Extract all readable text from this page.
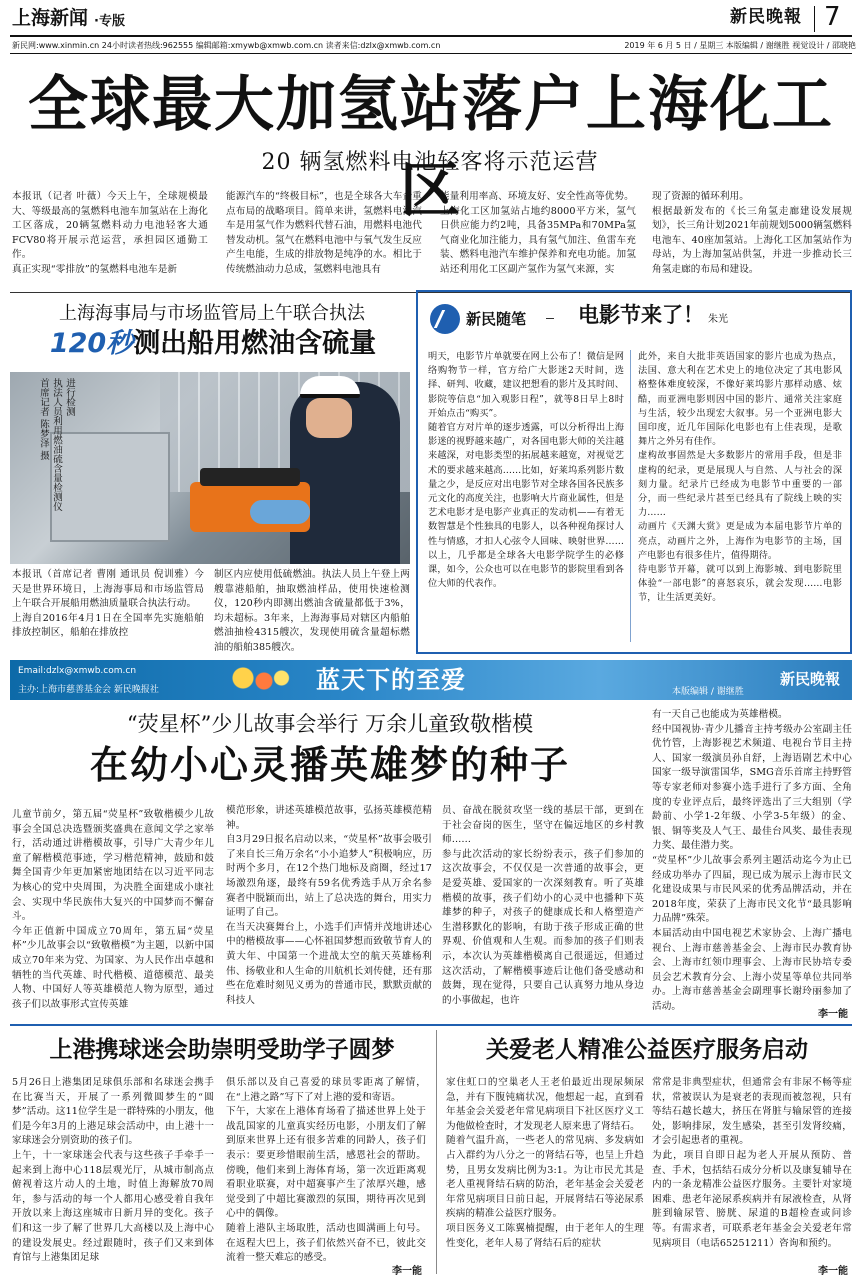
上海新闻 ·专版	新民晚報 7
新民网:www.xinmin.cn 24小时读者热线:962555 编辑邮箱:xmywb@xmwb.com.cn 读者来信:dzlx@xmwb.com.cn	2019 年 6 月 5 日 / 星期三 本版编辑 / 谢继胜 视觉设计 / 邵晓艳
全球最大加氢站落户上海化工区
20 辆氢燃料电池轻客将示范运营
本报讯（记者 叶薇）今天上午，全球规模最大、等级最高的氢燃料电池车加氢站在上海化工区落成，20辆氢燃料动力电池轻客大通FCV80将开展示范运营，承担园区通勤工作。
真正实现“零排放”的氢燃料电池车是新
能源汽车的“终极目标”，也是全球各大车企重点布局的战略项目。简单来讲，氢燃料电池汽车是用氢气作为燃料代替石油，用燃料电池代替发动机。氢气在燃料电池中与氧气发生反应产生电能，生成的排放物是纯净的水。相比于传统燃油动力总成，氢燃料电池具有
能量利用率高、环境友好、安全性高等优势。
上海化工区加氢站占地约8000平方米，氢气日供应能力约2吨，具备35MPa和70MPa氢气商业化加注能力，具有氢气加注、鱼雷车充装、燃料电池汽车维护保养和充电功能。加氢站还利用化工区副产氢作为氢气来源，实
现了资源的循环利用。
根据最新发布的《长三角氢走廊建设发展规划》，长三角计划2021年前规划5000辆氢燃料电池车、40座加氢站。上海化工区加氢站作为母站，为上海加氢站供氢，并进一步推动长三角氢走廊的布局和建设。
上海海事局与市场监管局上午联合执法
120秒测出船用燃油含硫量
进行检测
执法人员利用燃油硫含量检测仪
首席记者 陈梦泽 摄
本报讯（首席记者 曹刚 通讯员 倪训雅）今天是世界环境日，上海海事局和市场监管局上午联合开展船用燃油质量联合执法行动。
上海自2016年4月1日在全国率先实施船舶排放控制区，船舶在排放控
制区内应使用低硫燃油。执法人员上午登上两艘靠港船舶，抽取燃油样品，使用快速检测仪，120秒内即测出燃油含硫量都低于3%，均未超标。3年来，上海海事局对辖区内船舶燃油抽检4315艘次，发现使用硫含量超标燃油的船舶385艘次。
新民随笔 电影节来了！ 朱光
明天，电影节片单就要在网上公布了！微信是网络购物节一样，官方给广大影迷2天时间，选择、研判、收藏，建议把想看的影片及其时间、影院等信息“加入观影日程”，就等8日早上8时开始点击“购买”。
随着官方对片单的逐步透露，可以分析得出上海影迷的视野越来越广，对各国电影大师的关注越来越深，对电影类型的拓展越来越宽，对视觉艺术的要求越来越高……比如，好莱坞系列影片数量之少，是反应对出电影节对全球各国各民族多元文化的高度关注，也影响大片商业属性，但是艺术电影才是电影产业真正的发动机——有着无数智慧是个性独具的电影人，以各种视角探讨人性与情感，才扣人心弦令人回味、映射世界……以上，几乎都是全球各大电影学院学生的必修课，如今，公众也可以在电影节的影院里看到各位大师的代表作。
此外，来自大批非英语国家的影片也成为热点，法国、意大利在艺术史上的地位决定了其电影风格整体难度较深，不像好莱坞影片那样动感、炫酷，而亚洲电影则因中国的影片、通常关注家庭与生活，较少出现宏大叙事。另一个亚洲电影大国印度，近几年国际化电影也有上佳表现，是歌舞片之外另有佳作。
虚构故事固然是大多数影片的常用手段，但是非虚构的纪录，更是展现人与自然、人与社会的深刻力量。纪录片已经成为电影节中重要的一部分，而一些纪录片甚至已经具有了院线上映的实力……
动画片《天渊大赏》更是成为本届电影节片单的亮点，动画片之外，上海作为电影节的主场，国产电影也有很多佳片，值得期待。
待电影节开幕，就可以到上海影城、到电影院里体验“一部电影”的喜怒哀乐，就会发现……电影节，让生活更美好。
Email:dzlx@xmwb.com.cn
主办:上海市慈善基金会 新民晚报社	蓝天下的至爱	本版编辑 / 谢继胜
新民晚報
“荧星杯”少儿故事会举行 万余儿童致敬楷模
在幼小心灵播英雄梦的种子
儿童节前夕，第五届“荧星杯”致敬楷模少儿故事会全国总决选暨颁奖盛典在意闻文学之家举行，活动通过讲楷模故事，引导广大青少年儿童了解楷模范事迹，学习楷范精神，鼓励和鼓舞全国青少年更加紧密地团结在以习近平同志为核心的党中央周围，为决胜全面建成小康社会、实现中华民族伟大复兴的中国梦而不懈奋斗。
今年正值新中国成立70周年，第五届“荧星杯”少儿故事会以“致敬楷模”为主题，以新中国成立70年来为党、为国家、为人民作出卓越和牺牲的当代英雄、时代楷模、道德模范、最美人物、中国好人等英雄模范人物为原型，通过孩子们以故事形式宣传英雄
模范形象，讲述英雄模范故事，弘扬英雄模范精神。
自3月29日报名启动以来，“荧星杯”故事会吸引了来自长三角万余名“小小追梦人”积极响应，历时两个多月，在12个热门地标及商圈，经过17场激烈角逐，最终有59名优秀选手从万余名参赛者中脱颖而出，站上了总决选的舞台，用实力证明了自己。
在当天决赛舞台上，小选手们声情并茂地讲述心中的楷模故事——心怀祖国梦想而致敬节育人的黄大年、中国第一个进战太空的航天英雄杨利伟、扬敬业和人生命的川航机长刘传健，还有那些在危难时刻见义勇为的普通市民，默默贡献的科技人
员、奋战在脱贫攻坚一线的基层干部，更到在于社会奋岗的医生，坚守在偏远地区的乡村教师……
参与此次活动的家长纷纷表示，孩子们参加的这次故事会，不仅仅是一次普通的故事会，更是爱英雄、爱国家的一次深刻教育。听了英雄楷模的故事，孩子们幼小的心灵中也播种下英雄梦的种子，对孩子的健康成长和人格塑造产生潜移默化的影响，有助于孩子形成正确的世界观、价值观和人生观。而参加的孩子们则表示，本次认为英雄楷模离自己很遥远，但通过这次活动，了解楷模事迹后让他们备受感动和鼓舞，现在觉得，只要自己认真努力地从身边的小事做起，也许
有一天自己也能成为英雄楷模。
经中国视协·青少儿播音主持考级办公室副主任优竹管，上海影视艺术频道、电视台节目主持人、国家一级演员孙自舒，上海语剧艺术中心国家一级导演雷国华，SMG音乐首席主持野管等专家老师对参赛小选手进行了多方面、全角度的专业评点后，最终评选出了三大组别（学龄前、小学1-2年级、小学3-5年级）的金、银、铜等奖及人气王、最佳台风奖、最佳表现力奖、最佳潜力奖。
“荧星杯”少儿故事会系列主题活动迄今为止已经成功举办了四届，现已成为展示上海市民文化建设成果与市民风采的优秀品牌活动，并在2018年度，荣获了上海市民文化节“最具影响力品牌”殊荣。
本届活动由中国电视艺术家协会、上海广播电视台、上海市慈善基金会、上海市民办教育协会、上海市红领巾理事会、上海市民协培专委员会艺术教育分会、上海小荧星等单位共同举办。上海市慈善基金会副理事长谢玲丽参加了活动。
李一能
上港携球迷会助崇明受助学子圆梦
5月26日上港集团足球俱乐部和名球迷会携手在比赛当天，开展了一系列微圆梦生的“圆梦”活动。这11位学生是一群特殊的小朋友，他们是今年3月的上港足球会活动中，由上港十一家球迷会分别资助的孩子们。
上午，十一家球迷会代表与这些孩子手牵手一起来到上海中心118层观光厅，从城市制高点俯视着这片动人的土地，时值上海解放70周年，参与活动的每一个人都用心感受着自我年开放以来上海这座城市日新月异的变化。孩子们和这一步了解了世界几大高楼以及上海中心的建设发展史。经过跟随时，孩子们又来到体育馆与上港集团足球
俱乐部以及自己喜爱的球员零距离了解情，在“上港之路”写下了对上港的爱和寄语。
下午，大家在上港体育场看了描述世界上处于战乱国家的儿童真实经历电影，小朋友们了解到原来世界上还有很多苦难的同龄人，孩子们表示：要更珍惜眼前生活，感恩社会的帮助。傍晚，他们来到上海体育场，第一次近距离观看职业联赛，对中超赛事产生了浓厚兴趣，感觉受到了中超比赛激烈的氛围，期待再次见到心中的偶像。
随着上港队主场取胜，活动也圆满画上句号。在返程大巴上，孩子们依然兴奋不已，彼此交流着一整天难忘的感受。
李一能
关爱老人精准公益医疗服务启动
家住虹口的空巢老人王老伯最近出现尿频尿急，并有下腹钝痛状况，他想起一起，直到看年基金会关爱老年常见病项目下社区医疗义工为他做检查时，才发现老人原来患了肾结石。
随着气温升高，一些老人的常见病、多发病如占入群约为八分之一的肾结石等，也呈上升趋势，且男女发病比例为3:1。为让市民尤其是老人重视肾结石病的防治，老年基金会关爱老年常见病项目日前日起，开展肾结石等泌尿系疾病的精准公益医疗服务。
项目医务义工陈翼楠提醒，由于老年人的生理性变化，老年人易了肾结石后的症状
常常是非典型症状，但通常会有非尿不畅等症状，常被误认为是衰老的表现而被忽视，只有等结石越长越大，挤压在肾脏与输尿管的连接处，影响排尿，发生感染，甚至引发肾绞痛，才会引起患者的重视。
为此，项目自即日起为老人开展从预防、普查、手术，包括结石成分分析以及康复辅导在内的一条龙精准公益医疗服务。主要针对家境困难、患老年泌尿系疾病并有尿液检查，从肾脏到输尿管、膀胱、尿道的B超检查或问诊等。有需求者，可联系老年基金会关爱老年常见病项目（电话65251211）咨询和预约。
李一能
